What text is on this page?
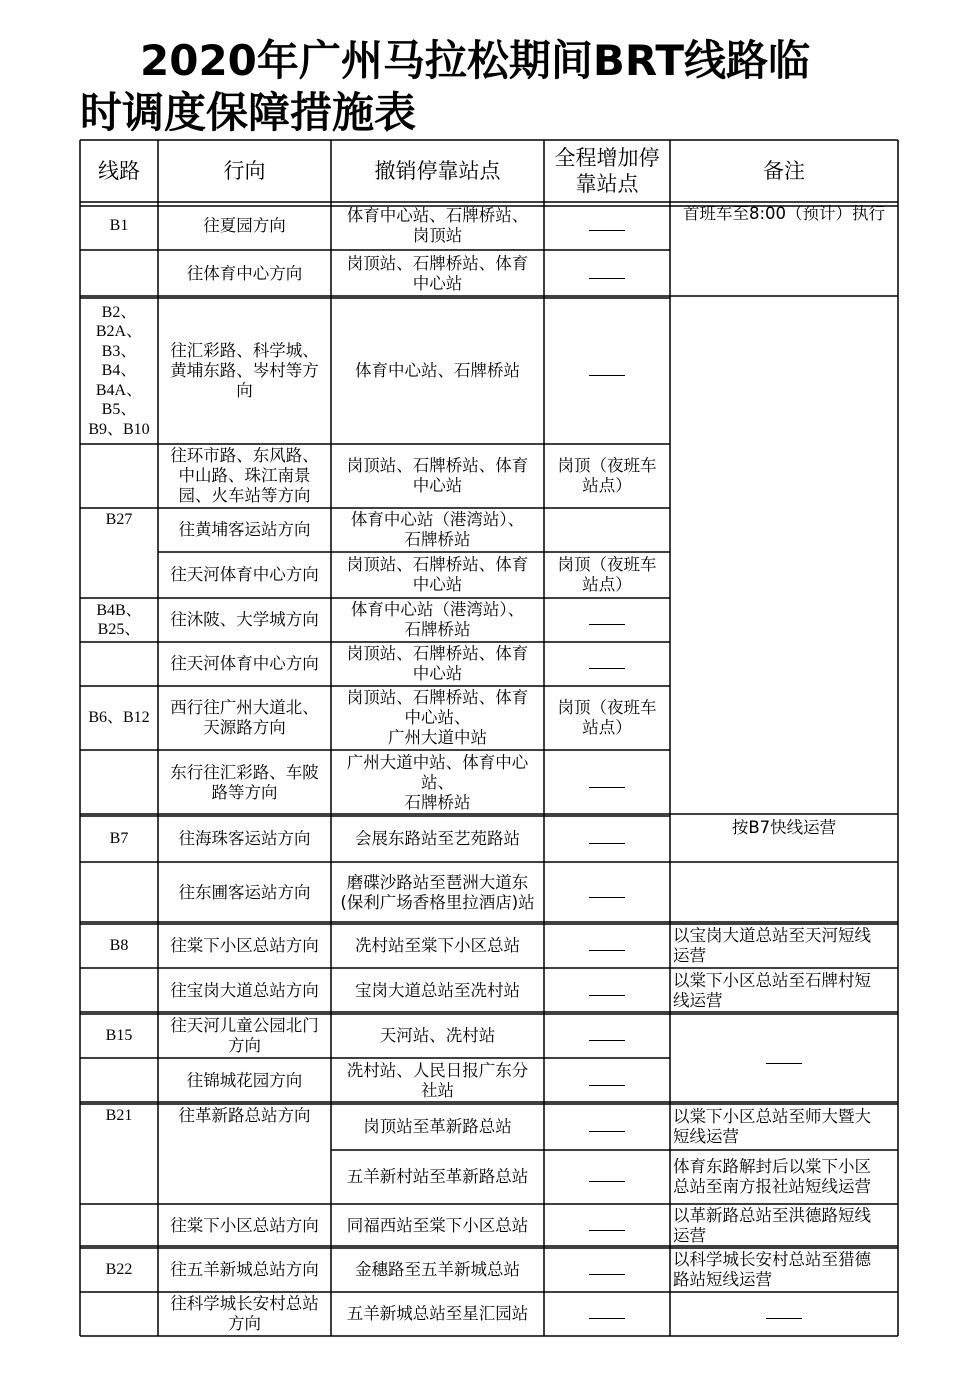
2020年广州马拉松期间BRT线路临
时调度保障措施表
线路	行向	撤销停靠站点
全程增加停
靠站点
备注
体育中心站、石牌桥站、
岗顶站
岗顶站、石牌桥站、体育
中心站
体育中心站、石牌桥站
岗顶站、石牌桥站、体育
中心站
岗顶（夜班车
站点）
体育中心站（港湾站）、
石牌桥站
岗顶站、石牌桥站、体育
中心站
岗顶（夜班车
站点）
体育中心站（港湾站）、
石牌桥站
岗顶站、石牌桥站、体育
中心站
岗顶站、石牌桥站、体育
中心站、
广州大道中站
岗顶（夜班车
站点）
广州大道中站、体育中心
站、
石牌桥站
会展东路站至艺苑路站
磨碟沙路站至琶洲大道东
(保利广场香格里拉酒店)站
冼村站至棠下小区总站
宝岗大道总站至冼村站
天河站、冼村站
冼村站、人民日报广东分
社站
岗顶站至革新路总站
五羊新村站至革新路总站
同福西站至棠下小区总站
金穗路至五羊新城总站
五羊新城总站至星汇园站
B1
B2、
B2A、
B3、
B4、
B4A、
B5、
B9、B10
B27
B4B、
B25、
B6、B12
B7
B8
B15
B21
B22
往夏园方向
往体育中心方向
往汇彩路、科学城、
黄埔东路、岑村等方
向
往环市路、东风路、
中山路、珠江南景
园、火车站等方向
往黄埔客运站方向
往天河体育中心方向
往沐陂、大学城方向
往天河体育中心方向
西行往广州大道北、
天源路方向
东行往汇彩路、车陂
路等方向
往海珠客运站方向
往东圃客运站方向
往棠下小区总站方向
往宝岗大道总站方向
往天河儿童公园北门
方向
往锦城花园方向
往革新路总站方向
往棠下小区总站方向
往五羊新城总站方向
往科学城长安村总站
方向
首班车至8:00（预计）执行
按B7快线运营
以宝岗大道总站至天河短线
运营
以棠下小区总站至石牌村短
线运营
以棠下小区总站至师大暨大
短线运营
体育东路解封后以棠下小区
总站至南方报社站短线运营
以革新路总站至洪德路短线
运营
以科学城长安村总站至猎德
路站短线运营
